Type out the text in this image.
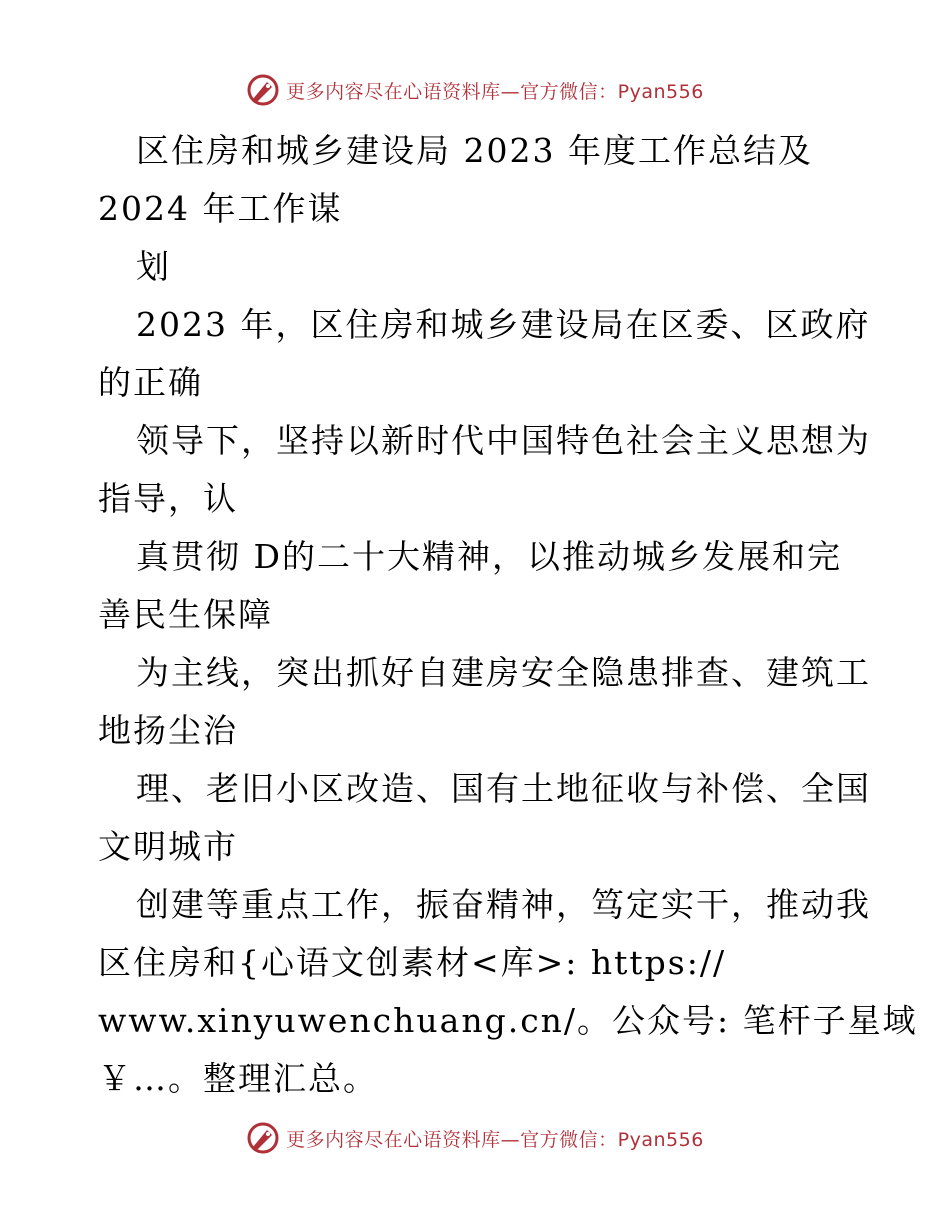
更多内容尽在心语资料库—官方微信：Pyan556
区住房和城乡建设局 2023 年度工作总结及
2024 年工作谋
划
2023 年，区住房和城乡建设局在区委、区政府
的正确
领导下，坚持以新时代中国特色社会主义思想为
指导，认
真贯彻 D的二十大精神，以推动城乡发展和完
善民生保障
为主线，突出抓好自建房安全隐患排查、建筑工
地扬尘治
理、老旧小区改造、国有土地征收与补偿、全国
文明城市
创建等重点工作，振奋精神，笃定实干，推动我
区住房和{心语文创素材<库>: https://
www.xinyuwenchuang.cn/。公众号: 笔杆子星域
￥…。整理汇总。
更多内容尽在心语资料库—官方微信：Pyan556
